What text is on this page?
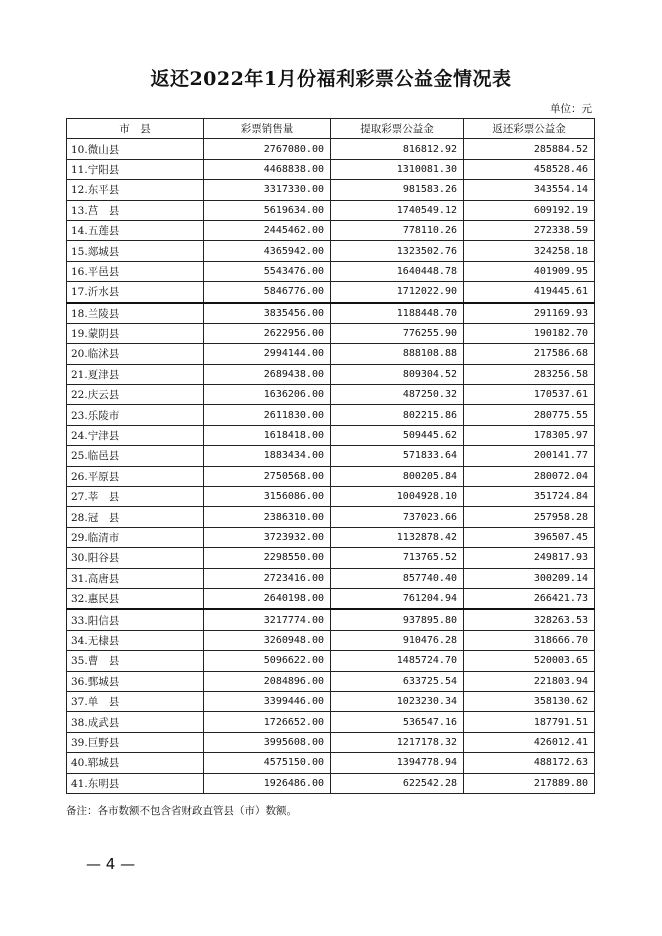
返还2022年1月份福利彩票公益金情况表
单位：元
市　县	彩票销售量	提取彩票公益金	返还彩票公益金
10.微山县	2767080.00	816812.92	285884.52
11.宁阳县	4468838.00	1310081.30	458528.46
12.东平县	3317330.00	981583.26	343554.14
13.莒　县	5619634.00	1740549.12	609192.19
14.五莲县	2445462.00	778110.26	272338.59
15.郯城县	4365942.00	1323502.76	324258.18
16.平邑县	5543476.00	1640448.78	401909.95
17.沂水县	5846776.00	1712022.90	419445.61
18.兰陵县	3835456.00	1188448.70	291169.93
19.蒙阴县	2622956.00	776255.90	190182.70
20.临沭县	2994144.00	888108.88	217586.68
21.夏津县	2689438.00	809304.52	283256.58
22.庆云县	1636206.00	487250.32	170537.61
23.乐陵市	2611830.00	802215.86	280775.55
24.宁津县	1618418.00	509445.62	178305.97
25.临邑县	1883434.00	571833.64	200141.77
26.平原县	2750568.00	800205.84	280072.04
27.莘　县	3156086.00	1004928.10	351724.84
28.冠　县	2386310.00	737023.66	257958.28
29.临清市	3723932.00	1132878.42	396507.45
30.阳谷县	2298550.00	713765.52	249817.93
31.高唐县	2723416.00	857740.40	300209.14
32.惠民县	2640198.00	761204.94	266421.73
33.阳信县	3217774.00	937895.80	328263.53
34.无棣县	3260948.00	910476.28	318666.70
35.曹　县	5096622.00	1485724.70	520003.65
36.鄄城县	2084896.00	633725.54	221803.94
37.单　县	3399446.00	1023230.34	358130.62
38.成武县	1726652.00	536547.16	187791.51
39.巨野县	3995608.00	1217178.32	426012.41
40.郓城县	4575150.00	1394778.94	488172.63
41.东明县	1926486.00	622542.28	217889.80
备注：各市数额不包含省财政直管县（市）数额。
— 4 —
